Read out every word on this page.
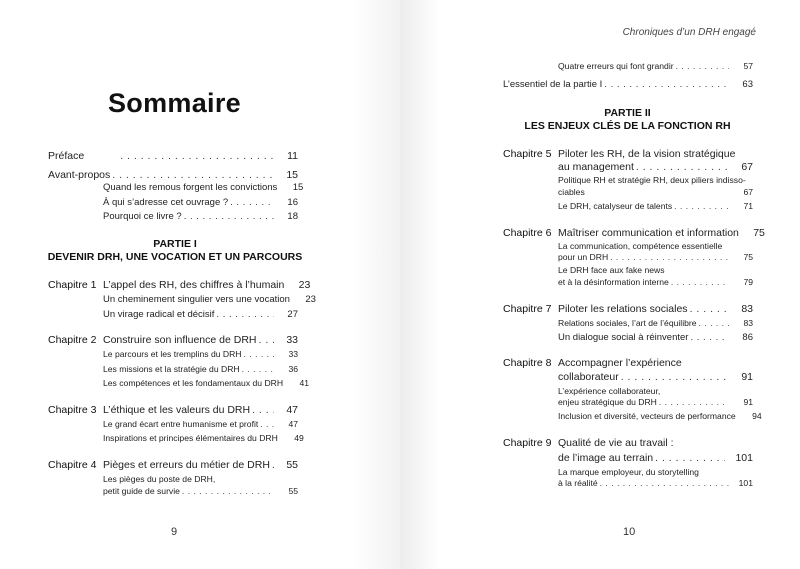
Sommaire
Préface . . .	11
Avant-propos . . .	15
Quand les remous forgent les convictions	15
À qui s’adresse cet ouvrage ? . . .	16
Pourquoi ce livre ? . . .	18
PARTIE I
DEVENIR DRH, UNE VOCATION ET UN PARCOURS
Chapitre 1 L’appel des RH, des chiffres à l’humain 23
Un cheminement singulier vers une vocation	23
Un virage radical et décisif . . .	27
Chapitre 2 Construire son influence de DRH . . .	33
Le parcours et les tremplins du DRH . . .	33
Les missions et la stratégie du DRH . . .	36
Les compétences et les fondamentaux du DRH	41
Chapitre 3 L’éthique et les valeurs du DRH . . .	47
Le grand écart entre humanisme et profit . . .	47
Inspirations et principes élémentaires du DRH	49
Chapitre 4 Pièges et erreurs du métier de DRH . . . 55
Les pièges du poste de DRH,
petit guide de survie . . .	55
9
Chroniques d’un DRH engagé
Quatre erreurs qui font grandir . . .	57
L’essentiel de la partie I . . .	63
PARTIE II
LES ENJEUX CLÉS DE LA FONCTION RH
Chapitre 5 Piloter les RH, de la vision stratégique
au management . . .	67
Politique RH et stratégie RH, deux piliers indisso-
ciables	67
Le DRH, catalyseur de talents . . .	71
Chapitre 6 Maîtriser communication et information 75
La communication, compétence essentielle
pour un DRH . . .	75
Le DRH face aux fake news
et à la désinformation interne . . .	79
Chapitre 7 Piloter les relations sociales . . .	83
Relations sociales, l’art de l’équilibre . . .	83
Un dialogue social à réinventer . . .	86
Chapitre 8 Accompagner l’expérience
collaborateur . . .	91
L’expérience collaborateur,
enjeu stratégique du DRH . . .	91
Inclusion et diversité, vecteurs de performance	94
Chapitre 9 Qualité de vie au travail :
de l’image au terrain . . .	101
La marque employeur, du storytelling
à la réalité . . .	101
10
